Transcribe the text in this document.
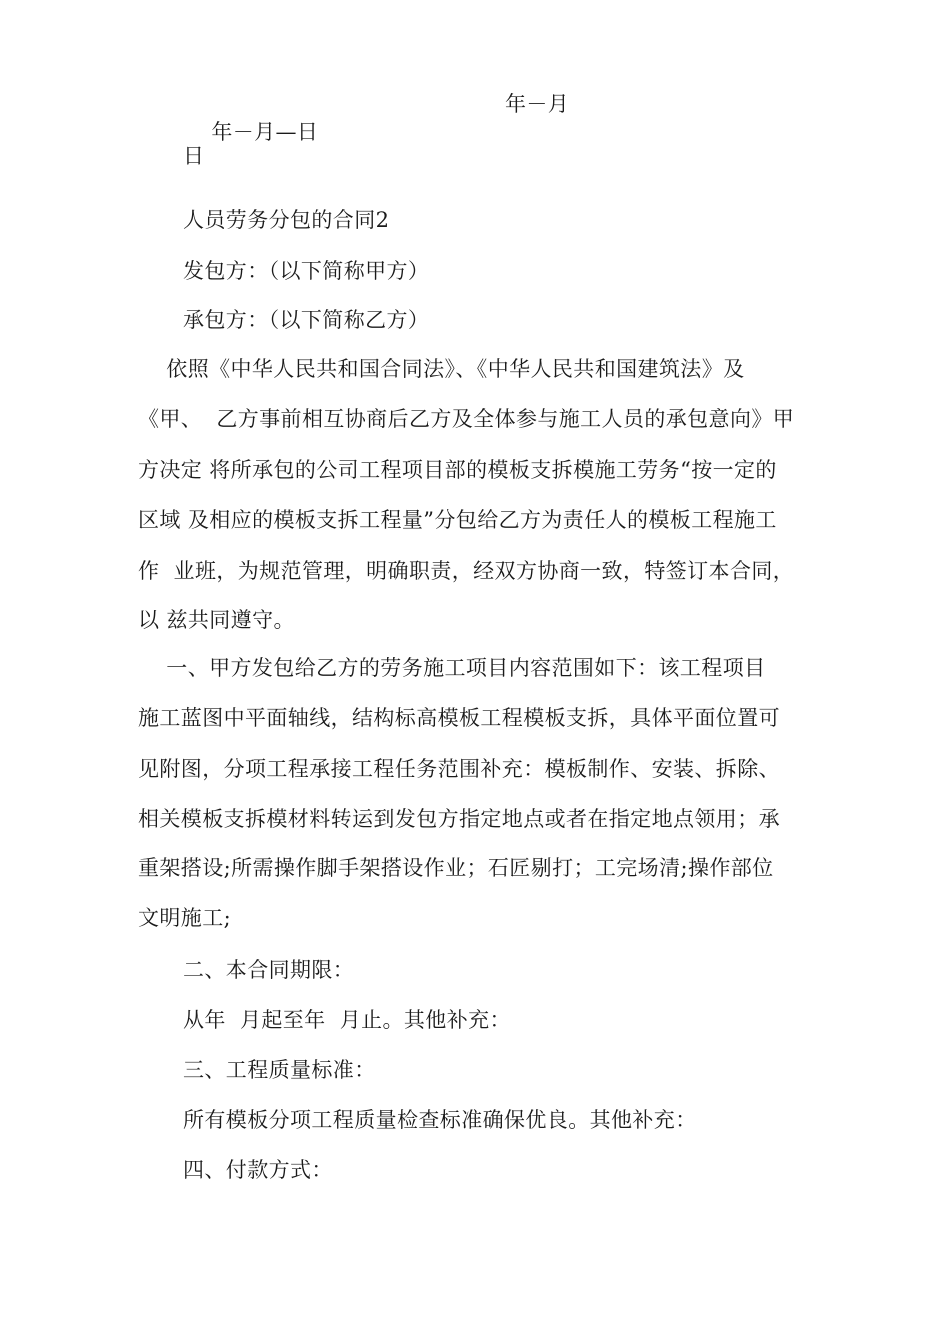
年－月—日

年－月

日
人员劳务分包的合同2
发包方：（以下简称甲方）
承包方：（以下简称乙方）
依照《中华人民共和国合同法》、《中华人民共和国建筑法》及
《甲、  乙方事前相互协商后乙方及全体参与施工人员的承包意向》甲
方决定 将所承包的公司工程项目部的模板支拆模施工劳务“按一定的
区域 及相应的模板支拆工程量”分包给乙方为责任人的模板工程施工
作  业班，为规范管理，明确职责，经双方协商一致，特签订本合同，
以 兹共同遵守。
一、甲方发包给乙方的劳务施工项目内容范围如下：该工程项目
施工蓝图中平面轴线，结构标高模板工程模板支拆，具体平面位置可
见附图，分项工程承接工程任务范围补充：模板制作、安装、拆除、
相关模板支拆模材料转运到发包方指定地点或者在指定地点领用；承
重架搭设;所需操作脚手架搭设作业；石匠剔打；工完场清;操作部位
文明施工;
二、本合同期限：
从年  月起至年  月止。其他补充：
三、工程质量标准：
所有模板分项工程质量检查标准确保优良。其他补充：
四、付款方式：
